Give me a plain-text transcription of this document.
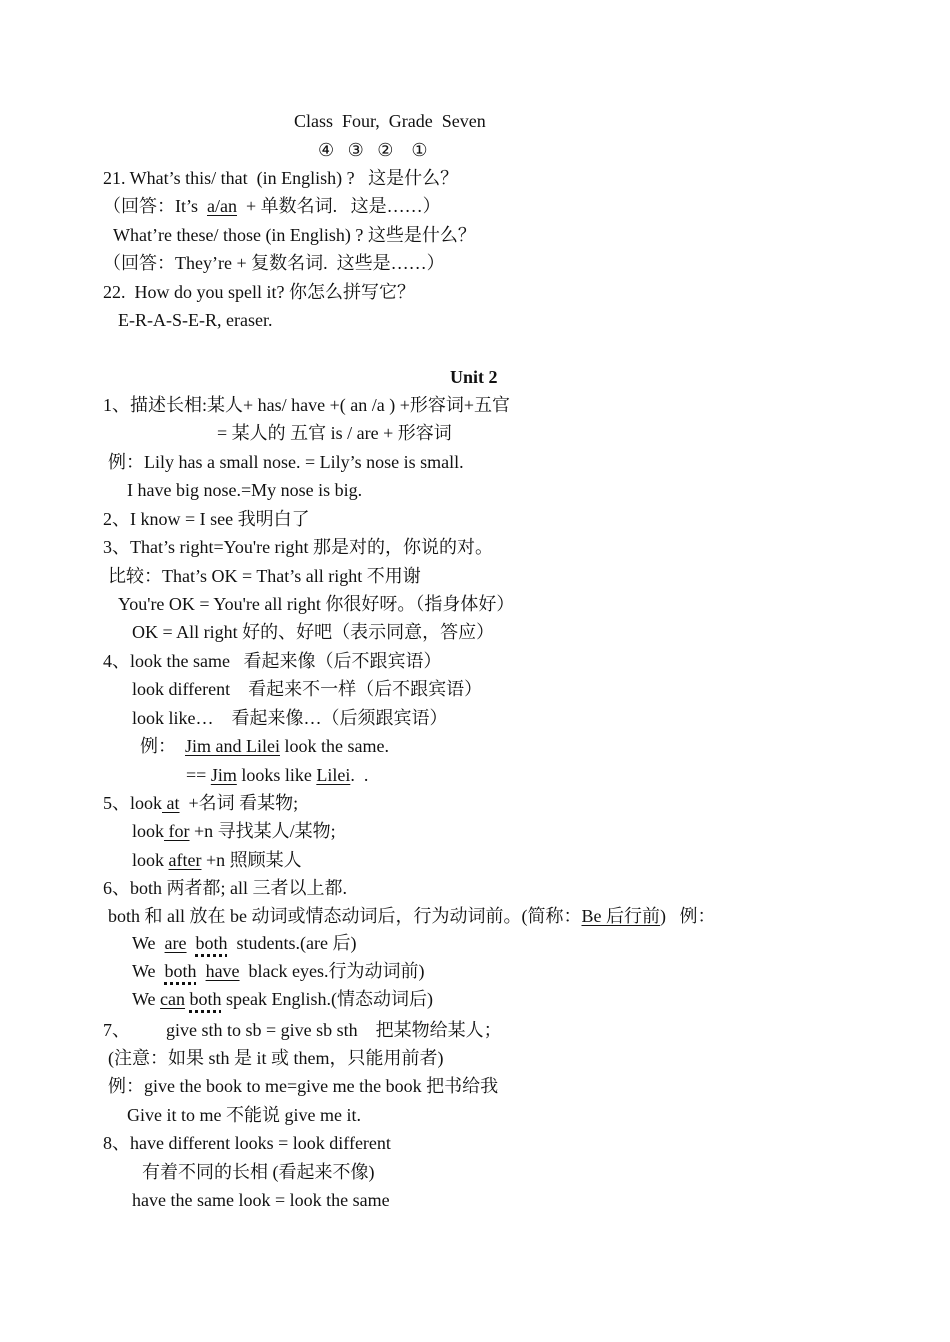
Class  Four,  Grade  Seven
④   ③   ②    ①
21. What’s this/ that  (in English) ?   这是什么？
（回答：It’s  a/an  + 单数名词.   这是……）
What’re these/ those (in English) ? 这些是什么？
（回答：They’re + 复数名词.  这些是……）
22.  How do you spell it? 你怎么拼写它？
E-R-A-S-E-R, eraser.
Unit 2
1、描述长相:某人+ has/ have +( an /a ) +形容词+五官
= 某人的 五官 is / are + 形容词
例：Lily has a small nose. = Lily’s nose is small.
I have big nose.=My nose is big.
2、I know = I see 我明白了
3、That’s right=You're right 那是对的，你说的对。
比较：That’s OK = That’s all right 不用谢
You're OK = You're all right 你很好呀。（指身体好）
OK = All right 好的、好吧（表示同意，答应）
4、look the same   看起来像（后不跟宾语）
look different    看起来不一样（后不跟宾语）
look like…    看起来像…（后须跟宾语）
例：  Jim and Lilei look the same.
== Jim looks like Lilei.  .
5、look at  +名词 看某物;
look for +n 寻找某人/某物;
look after +n 照顾某人
6、both 两者都; all 三者以上都.
both 和 all 放在 be 动词或情态动词后，行为动词前。(简称：Be 后行前)   例：
We  are both  students.(are 后)
We  both have  black eyes.行为动词前)
We can both speak English.(情态动词后)
7、        give sth to sb = give sb sth    把某物给某人；
(注意：如果 sth 是 it 或 them，只能用前者)
例：give the book to me=give me the book 把书给我
Give it to me 不能说 give me it.
8、have different looks = look different
有着不同的长相 (看起来不像)
have the same look = look the same
